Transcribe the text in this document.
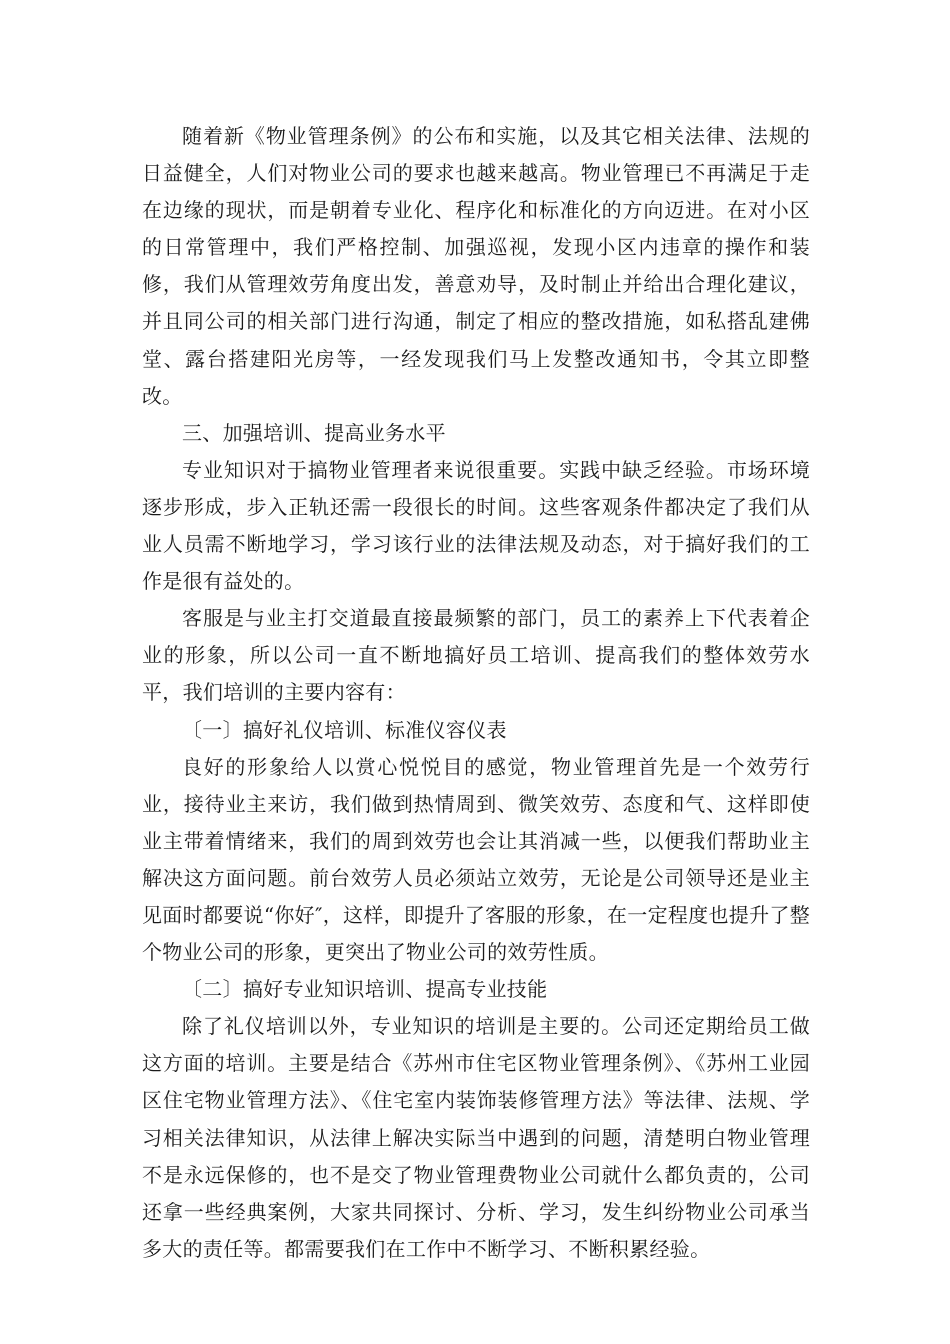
随着新《物业管理条例》的公布和实施，以及其它相关法律、法规的日益健全，人们对物业公司的要求也越来越高。物业管理已不再满足于走在边缘的现状，而是朝着专业化、程序化和标准化的方向迈进。在对小区的日常管理中，我们严格控制、加强巡视，发现小区内违章的操作和装修，我们从管理效劳角度出发，善意劝导，及时制止并给出合理化建议，并且同公司的相关部门进行沟通，制定了相应的整改措施，如私搭乱建佛堂、露台搭建阳光房等，一经发现我们马上发整改通知书，令其立即整改。

三、加强培训、提高业务水平

专业知识对于搞物业管理者来说很重要。实践中缺乏经验。市场环境逐步形成，步入正轨还需一段很长的时间。这些客观条件都决定了我们从业人员需不断地学习，学习该行业的法律法规及动态，对于搞好我们的工作是很有益处的。

客服是与业主打交道最直接最频繁的部门，员工的素养上下代表着企业的形象，所以公司一直不断地搞好员工培训、提高我们的整体效劳水平，我们培训的主要内容有：

〔一〕搞好礼仪培训、标准仪容仪表

良好的形象给人以赏心悦悦目的感觉，物业管理首先是一个效劳行业，接待业主来访，我们做到热情周到、微笑效劳、态度和气、这样即使业主带着情绪来，我们的周到效劳也会让其消减一些，以便我们帮助业主解决这方面问题。前台效劳人员必须站立效劳，无论是公司领导还是业主见面时都要说“你好″，这样，即提升了客服的形象，在一定程度也提升了整个物业公司的形象，更突出了物业公司的效劳性质。

〔二〕搞好专业知识培训、提高专业技能

除了礼仪培训以外，专业知识的培训是主要的。公司还定期给员工做这方面的培训。主要是结合《苏州市住宅区物业管理条例》、《苏州工业园区住宅物业管理方法》、《住宅室内装饰装修管理方法》等法律、法规、学习相关法律知识，从法律上解决实际当中遇到的问题，清楚明白物业管理不是永远保修的，也不是交了物业管理费物业公司就什么都负责的，公司还拿一些经典案例，大家共同探讨、分析、学习，发生纠纷物业公司承当多大的责任等。都需要我们在工作中不断学习、不断积累经验。
